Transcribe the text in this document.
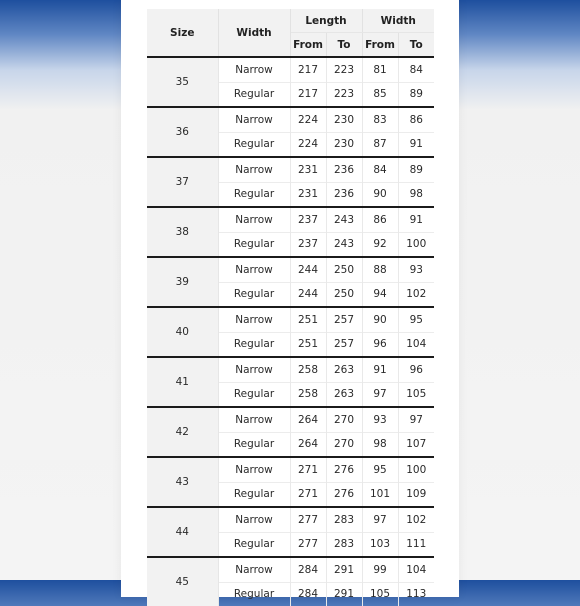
Size	Width	Length		Width	
		From	To	From	To
35	Narrow	217	223	81	84
	Regular	217	223	85	89
36	Narrow	224	230	83	86
	Regular	224	230	87	91
37	Narrow	231	236	84	89
	Regular	231	236	90	98
38	Narrow	237	243	86	91
	Regular	237	243	92	100
39	Narrow	244	250	88	93
	Regular	244	250	94	102
40	Narrow	251	257	90	95
	Regular	251	257	96	104
41	Narrow	258	263	91	96
	Regular	258	263	97	105
42	Narrow	264	270	93	97
	Regular	264	270	98	107
43	Narrow	271	276	95	100
	Regular	271	276	101	109
44	Narrow	277	283	97	102
	Regular	277	283	103	111
45	Narrow	284	291	99	104
	Regular	284	291	105	113
